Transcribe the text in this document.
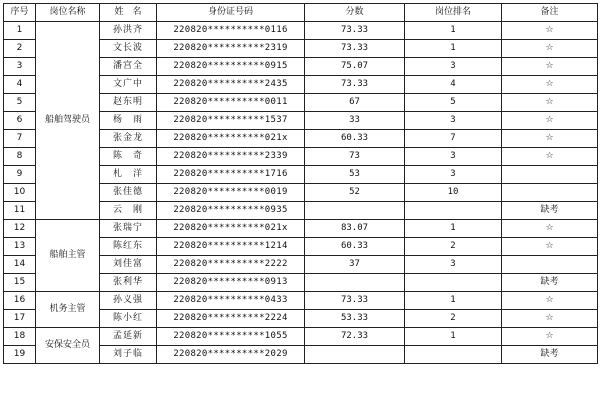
序号	岗位名称	姓　名	身份证号码	分数	岗位排名	备注
1	船舶驾驶员	孙洪齐	220820**********0116	73.33	1	☆
2		文长波	220820**********2319	73.33	1	☆
3		潘宫全	220820**********0915	75.07	3	☆
4		文广中	220820**********2435	73.33	4	☆
5		赵东明	220820**********0011	67	5	☆
6		杨　雨	220820**********1537	33	3	☆
7		张金龙	220820**********021x	60.33	7	☆
8		陈　奇	220820**********2339	73	3	☆
9		札　洋	220820**********1716	53	3	
10		张佳德	220820**********0019	52	10	
11		云　刚	220820**********0935			缺考
12	船舶主管	张瑞宁	220820**********021x	83.07	1	☆
13		陈红东	220820**********1214	60.33	2	☆
14		刘佳富	220820**********2222	37	3	
15		张利华	220820**********0913			缺考
16	机务主管	孙义强	220820**********0433	73.33	1	☆
17		陈小红	220820**********2224	53.33	2	☆
18	安保安全员	孟延新	220820**********1055	72.33	1	☆
19		刘子临	220820**********2029			缺考
